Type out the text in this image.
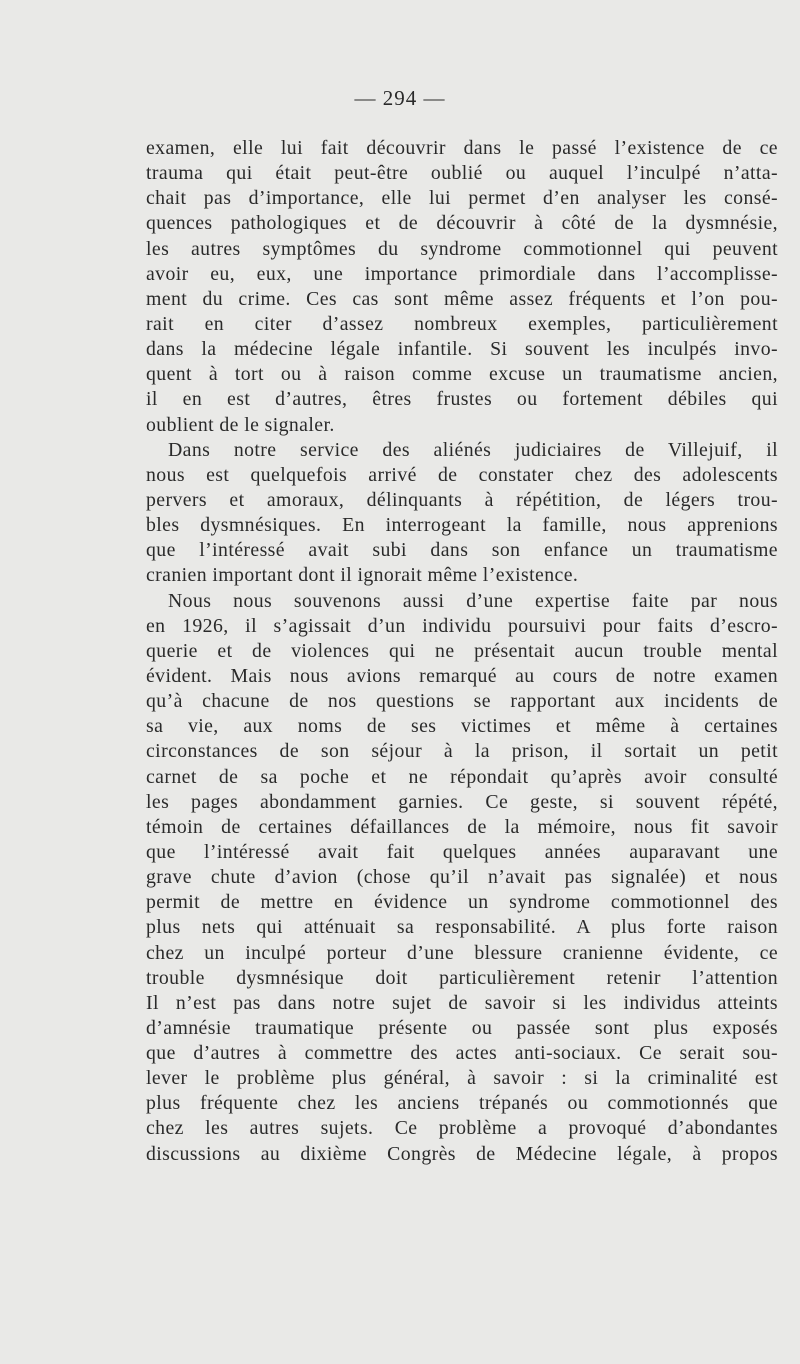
— 294 —
examen, elle lui fait découvrir dans le passé l’existence de ce
trauma qui était peut-être oublié ou auquel l’inculpé n’atta-
chait pas d’importance, elle lui permet d’en analyser les consé-
quences pathologiques et de découvrir à côté de la dysmnésie,
les autres symptômes du syndrome commotionnel qui peuvent
avoir eu, eux, une importance primordiale dans l’accomplisse-
ment du crime. Ces cas sont même assez fréquents et l’on pou-
rait en citer d’assez nombreux exemples, particulièrement
dans la médecine légale infantile. Si souvent les inculpés invo-
quent à tort ou à raison comme excuse un traumatisme ancien,
il en est d’autres, êtres frustes ou fortement débiles qui
oublient de le signaler.
Dans notre service des aliénés judiciaires de Villejuif, il
nous est quelquefois arrivé de constater chez des adolescents
pervers et amoraux, délinquants à répétition, de légers trou-
bles dysmnésiques. En interrogeant la famille, nous apprenions
que l’intéressé avait subi dans son enfance un traumatisme
cranien important dont il ignorait même l’existence.
Nous nous souvenons aussi d’une expertise faite par nous
en 1926, il s’agissait d’un individu poursuivi pour faits d’escro-
querie et de violences qui ne présentait aucun trouble mental
évident. Mais nous avions remarqué au cours de notre examen
qu’à chacune de nos questions se rapportant aux incidents de
sa vie, aux noms de ses victimes et même à certaines
circonstances de son séjour à la prison, il sortait un petit
carnet de sa poche et ne répondait qu’après avoir consulté
les pages abondamment garnies. Ce geste, si souvent répété,
témoin de certaines défaillances de la mémoire, nous fit savoir
que l’intéressé avait fait quelques années auparavant une
grave chute d’avion (chose qu’il n’avait pas signalée) et nous
permit de mettre en évidence un syndrome commotionnel des
plus nets qui atténuait sa responsabilité. A plus forte raison
chez un inculpé porteur d’une blessure cranienne évidente, ce
trouble dysmnésique doit particulièrement retenir l’attention
Il n’est pas dans notre sujet de savoir si les individus atteints
d’amnésie traumatique présente ou passée sont plus exposés
que d’autres à commettre des actes anti-sociaux. Ce serait sou-
lever le problème plus général, à savoir : si la criminalité est
plus fréquente chez les anciens trépanés ou commotionnés que
chez les autres sujets. Ce problème a provoqué d’abondantes
discussions au dixième Congrès de Médecine légale, à propos
